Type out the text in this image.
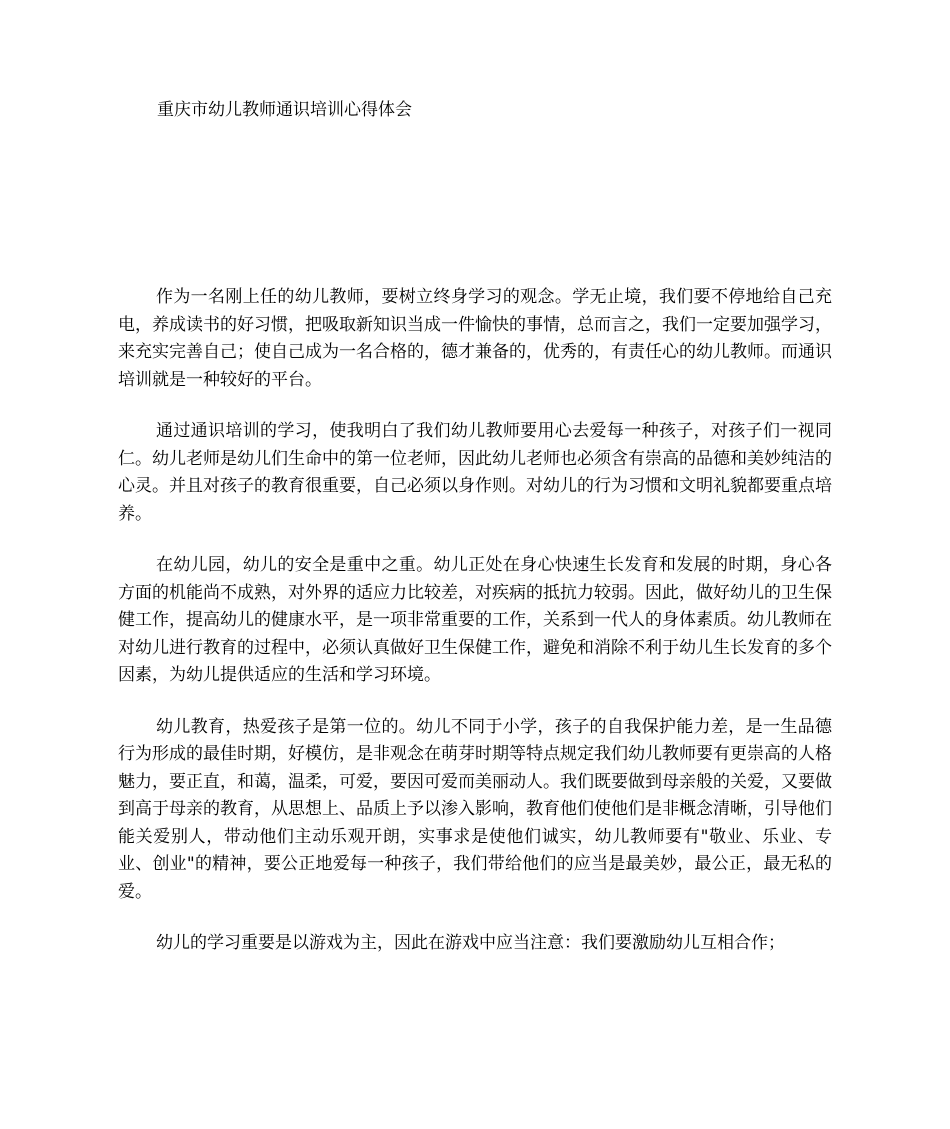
重庆市幼儿教师通识培训心得体会

作为一名刚上任的幼儿教师，要树立终身学习的观念。学无止境，我们要不停地给自己充电，养成读书的好习惯，把吸取新知识当成一件愉快的事情，总而言之，我们一定要加强学习，来充实完善自己；使自己成为一名合格的，德才兼备的，优秀的，有责任心的幼儿教师。而通识培训就是一种较好的平台。

通过通识培训的学习，使我明白了我们幼儿教师要用心去爱每一种孩子，对孩子们一视同仁。幼儿老师是幼儿们生命中的第一位老师，因此幼儿老师也必须含有崇高的品德和美妙纯洁的心灵。并且对孩子的教育很重要，自己必须以身作则。对幼儿的行为习惯和文明礼貌都要重点培养。

在幼儿园，幼儿的安全是重中之重。幼儿正处在身心快速生长发育和发展的时期，身心各方面的机能尚不成熟，对外界的适应力比较差，对疾病的抵抗力较弱。因此，做好幼儿的卫生保健工作，提高幼儿的健康水平，是一项非常重要的工作，关系到一代人的身体素质。幼儿教师在对幼儿进行教育的过程中，必须认真做好卫生保健工作，避免和消除不利于幼儿生长发育的多个因素，为幼儿提供适应的生活和学习环境。

幼儿教育，热爱孩子是第一位的。幼儿不同于小学，孩子的自我保护能力差，是一生品德行为形成的最佳时期，好模仿，是非观念在萌芽时期等特点规定我们幼儿教师要有更崇高的人格魅力，要正直，和蔼，温柔，可爱，要因可爱而美丽动人。我们既要做到母亲般的关爱，又要做到高于母亲的教育，从思想上、品质上予以渗入影响，教育他们使他们是非概念清晰，引导他们能关爱别人，带动他们主动乐观开朗，实事求是使他们诚实，幼儿教师要有"敬业、乐业、专业、创业"的精神，要公正地爱每一种孩子，我们带给他们的应当是最美妙，最公正，最无私的爱。

幼儿的学习重要是以游戏为主，因此在游戏中应当注意：我们要激励幼儿互相合作；
